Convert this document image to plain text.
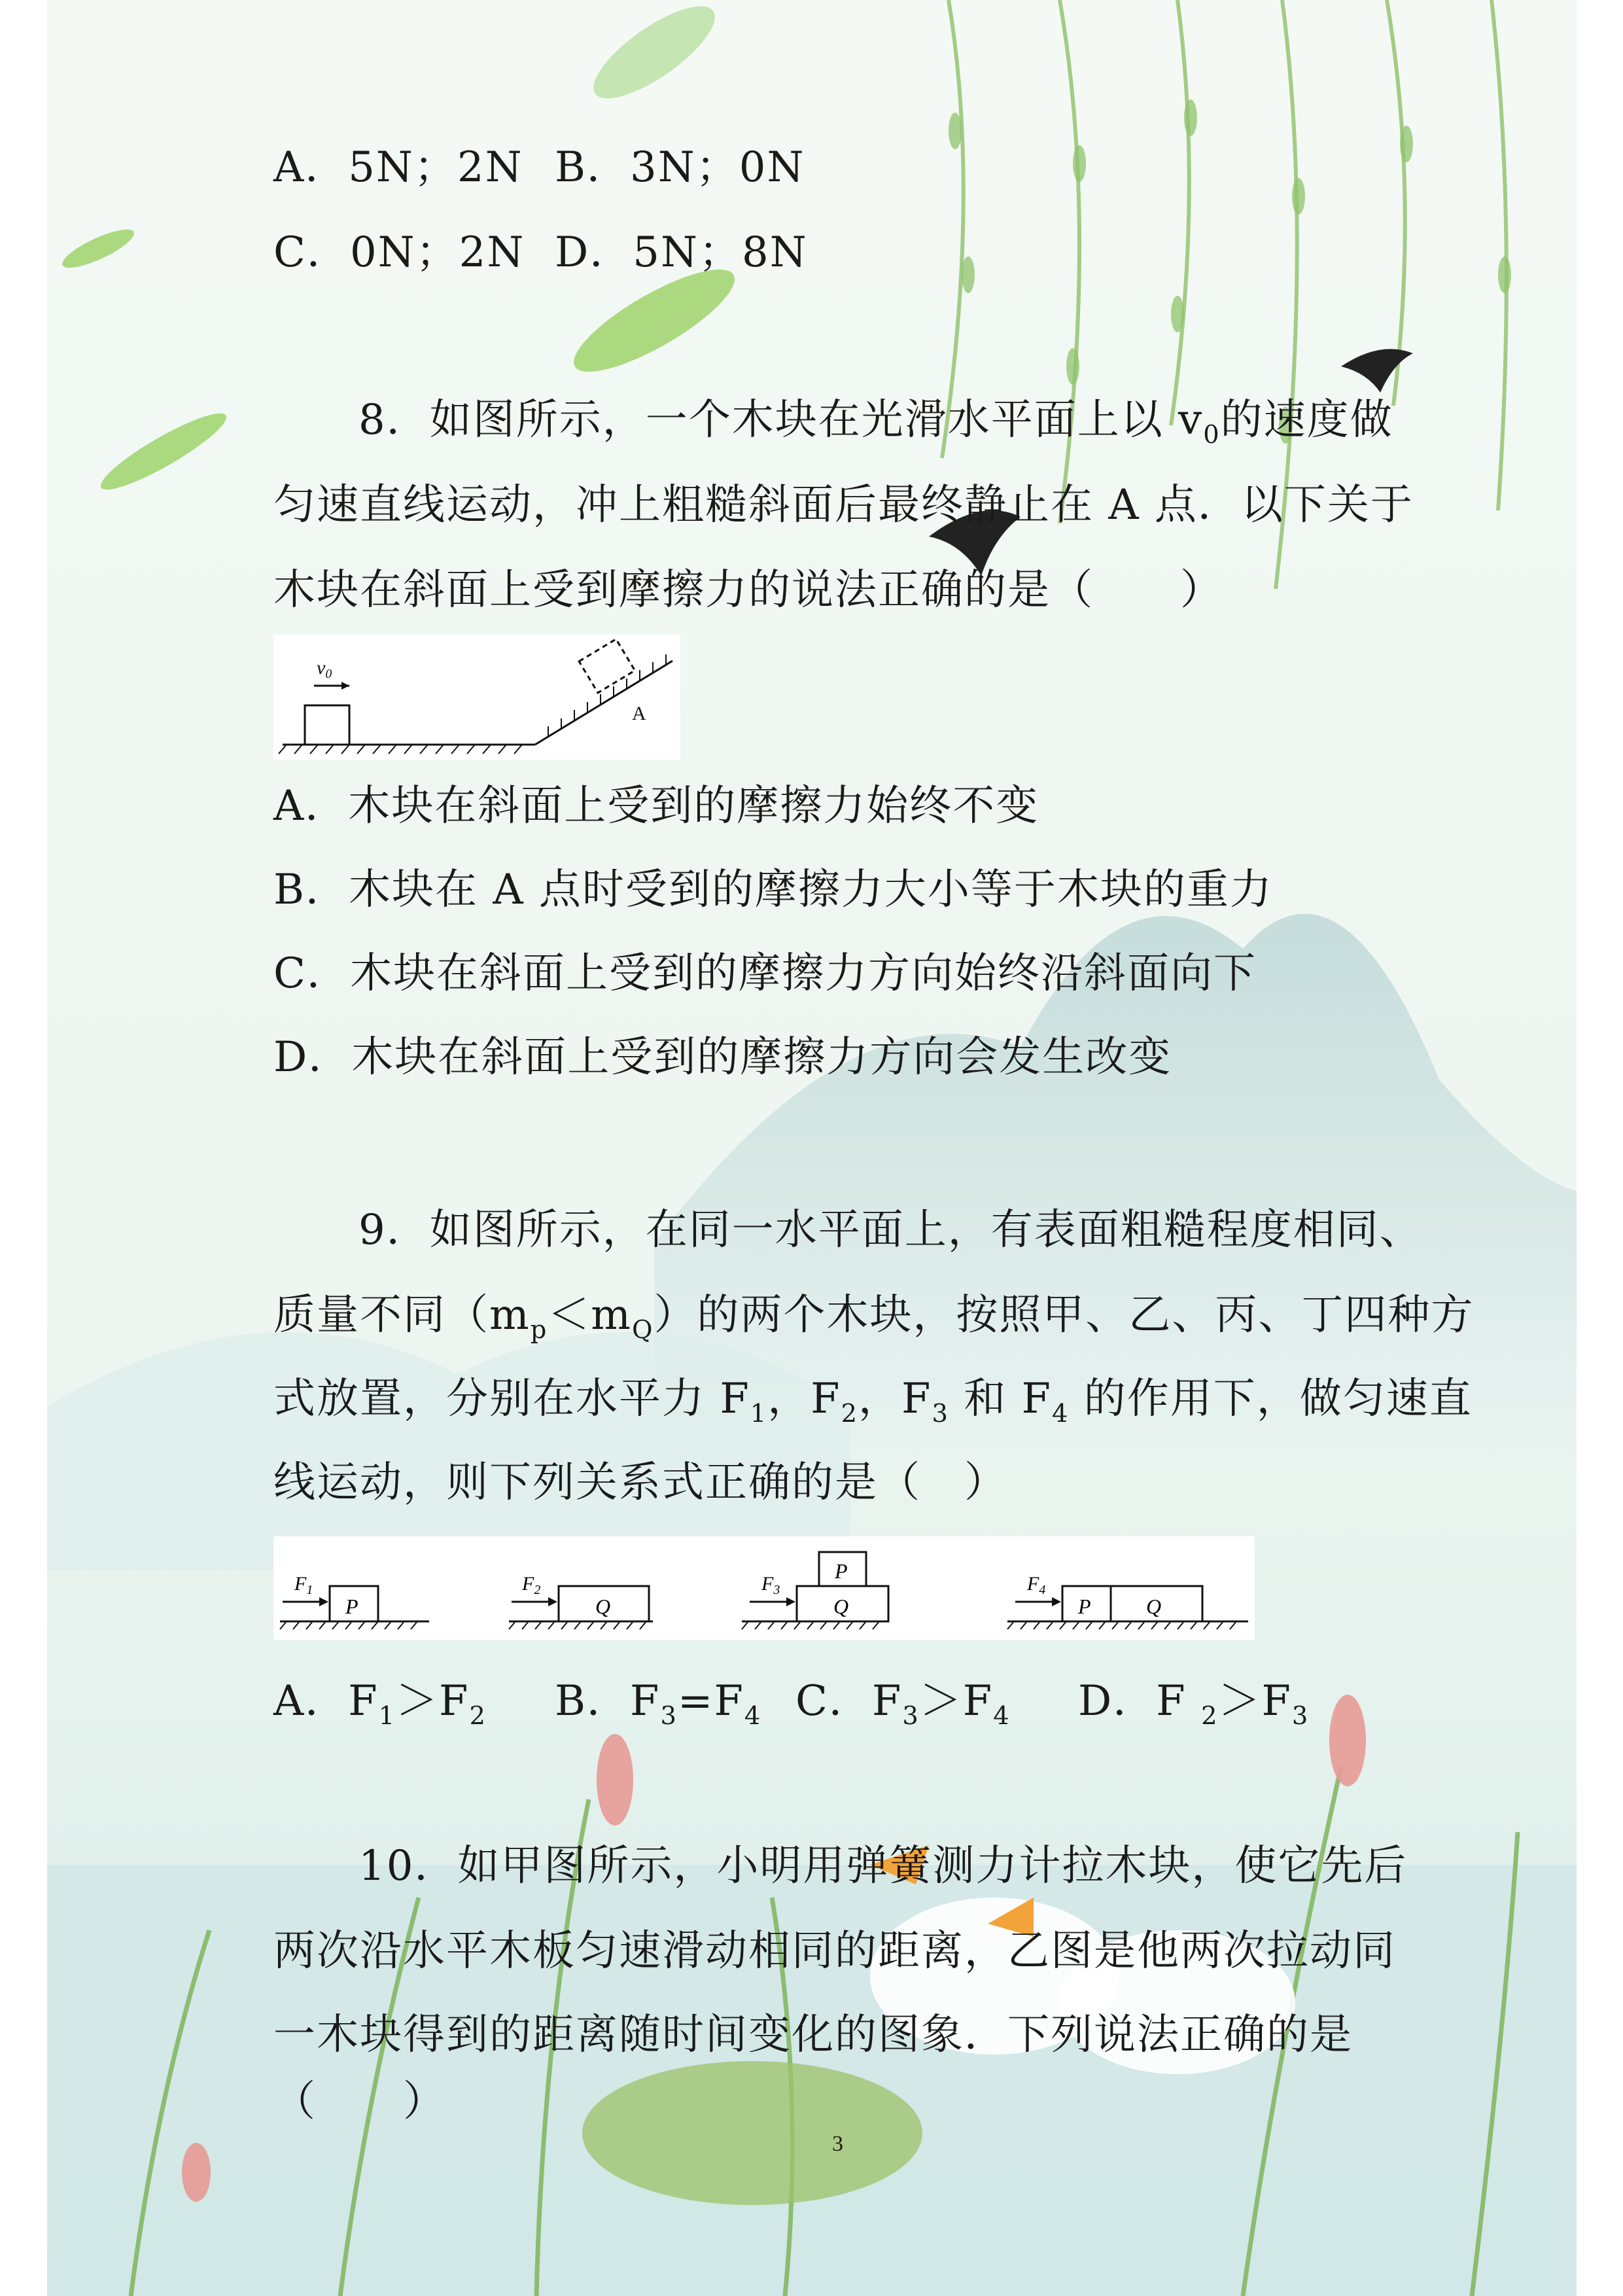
A．5N；2N B．3N；0N
C．0N；2N D．5N；8N
8．如图所示，一个木块在光滑水平面上以 $v_0$的速度做
匀速直线运动，冲上粗糙斜面后最终静止在 A 点．以下关于
木块在斜面上受到摩擦力的说法正确的是（　　）
$v_0$
A
A．木块在斜面上受到的摩擦力始终不变
B．木块在 A 点时受到的摩擦力大小等于木块的重力
C．木块在斜面上受到的摩擦力方向始终沿斜面向下
D．木块在斜面上受到的摩擦力方向会发生改变
9．如图所示，在同一水平面上，有表面粗糙程度相同、
质量不同$(m_p<m_Q)$的两个木块，按照甲、乙、丙、丁四种方
式放置，分别在水平力 $F_1$，$F_2$，$F_3$ 和 $F_4$ 的作用下，做匀速直
线运动，则下列关系式正确的是（　）
P
$F_1$
Q
$F_2$
Q
P
$F_3$
P	Q
$F_4$
A．$F_1>F_2$ B．$F_3=F_4$ C．$F_3>F_4$ D．F $_2>F_3$
10．如甲图所示，小明用弹簧测力计拉木块，使它先后
两次沿水平木板匀速滑动相同的距离，乙图是他两次拉动同
一木块得到的距离随时间变化的图象．下列说法正确的是
（　　）
3
